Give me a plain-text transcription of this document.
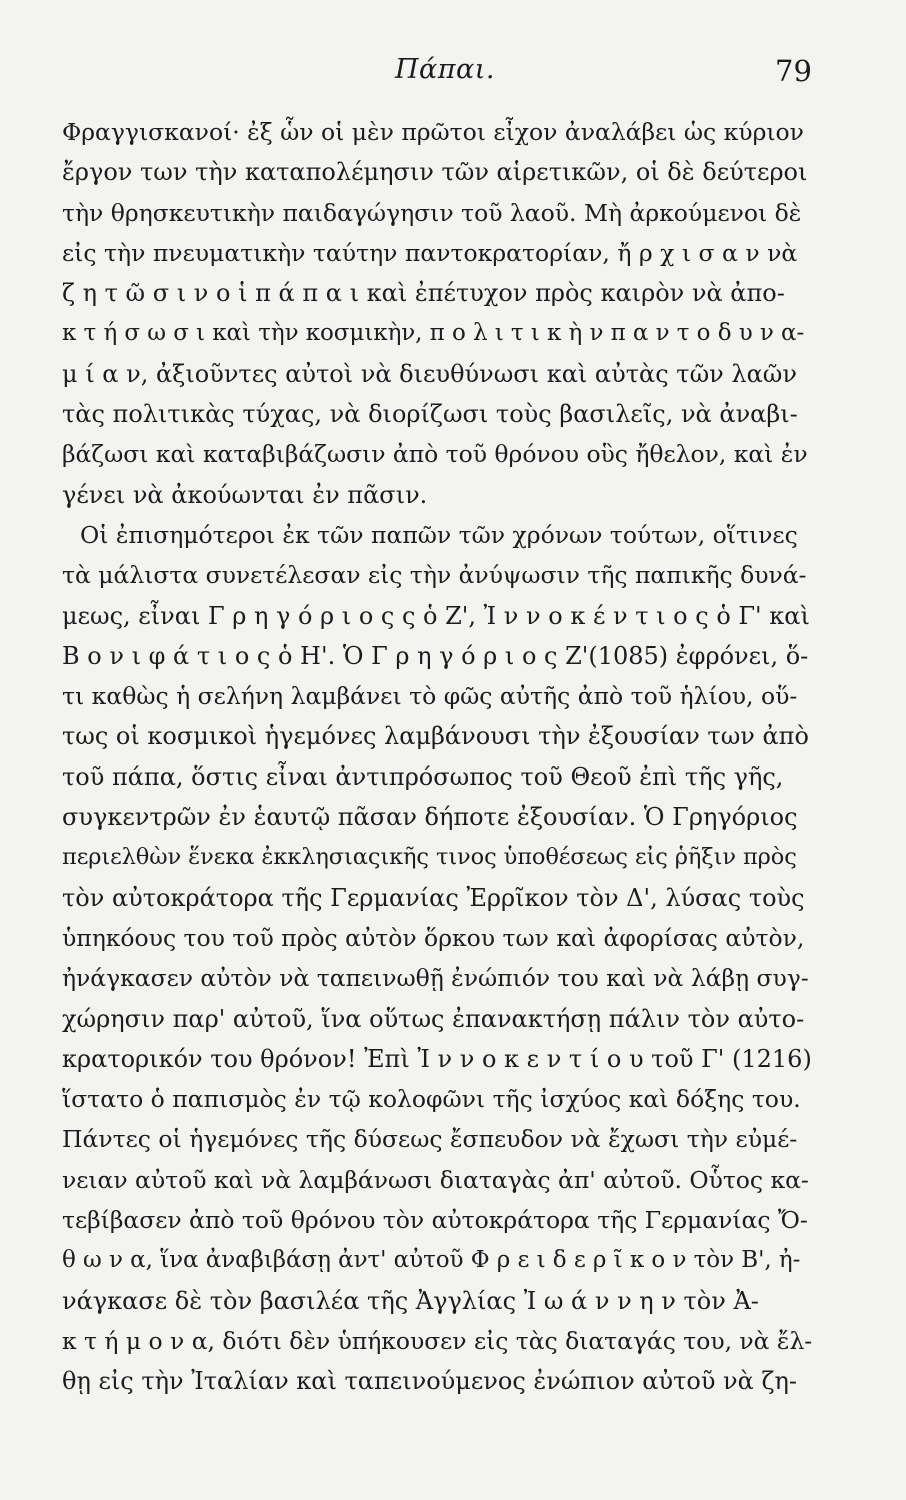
Πάπαι.	79
Φραγγισκανοί· ἐξ ὧν οἱ μὲν πρῶτοι εἶχον ἀναλάβει ὡς κύριον
ἔργον των τὴν καταπολέμησιν τῶν αἱρετικῶν, οἱ δὲ δεύτεροι
τὴν θρησκευτικὴν παιδαγώγησιν τοῦ λαοῦ. Μὴ ἀρκούμενοι δὲ
εἰς τὴν πνευματικὴν ταύτην παντοκρατορίαν, ἤ ρ χ ι σ α ν νὰ
ζ η τ ῶ σ ι ν ο ἱ π ά π α ι καὶ ἐπέτυχον πρὸς καιρὸν νὰ ἀπο-
κ τ ή σ ω σ ι καὶ τὴν κοσμικὴν, π ο λ ι τ ι κ ὴ ν π α ν τ ο δ υ ν α-
μ ί α ν, ἀξιοῦντες αὐτοὶ νὰ διευθύνωσι καὶ αὐτὰς τῶν λαῶν
τὰς πολιτικὰς τύχας, νὰ διορίζωσι τοὺς βασιλεῖς, νὰ ἀναβι-
βάζωσι καὶ καταβιβάζωσιν ἀπὸ τοῦ θρόνου οὓς ἤθελον, καὶ ἐν
γένει νὰ ἀκούωνται ἐν πᾶσιν.
Οἱ ἐπισημότεροι ἐκ τῶν παπῶν τῶν χρόνων τούτων, οἵτινες
τὰ μάλιστα συνετέλεσαν εἰς τὴν ἀνύψωσιν τῆς παπικῆς δυνά-
μεως, εἶναι Γ ρ η γ ό ρ ι ο ς ς ὁ Ζ', Ἰ ν ν ο κ έ ν τ ι ο ς ὁ Γ' καὶ
Β ο ν ι φ ά τ ι ο ς ὁ Η'. Ὁ Γ ρ η γ ό ρ ι ο ς Ζ'(1085) ἐφρόνει, ὅ-
τι καθὼς ἡ σελήνη λαμβάνει τὸ φῶς αὐτῆς ἀπὸ τοῦ ἡλίου, οὕ-
τως οἱ κοσμικοὶ ἡγεμόνες λαμβάνουσι τὴν ἐξουσίαν των ἀπὸ
τοῦ πάπα, ὅστις εἶναι ἀντιπρόσωπος τοῦ Θεοῦ ἐπὶ τῆς γῆς,
συγκεντρῶν ἐν ἑαυτῷ πᾶσαν δήποτε ἐξουσίαν. Ὁ Γρηγόριος
περιελθὼν ἕνεκα ἐκκλησιαςικῆς τινος ὑποθέσεως εἰς ῥῆξιν πρὸς
τὸν αὐτοκράτορα τῆς Γερμανίας Ἐρρῖκον τὸν Δ', λύσας τοὺς
ὑπηκόους του τοῦ πρὸς αὐτὸν ὅρκου των καὶ ἀφορίσας αὐτὸν,
ἠνάγκασεν αὐτὸν νὰ ταπεινωθῇ ἐνώπιόν του καὶ νὰ λάβῃ συγ-
χώρησιν παρ' αὐτοῦ, ἵνα οὕτως ἐπανακτήσῃ πάλιν τὸν αὐτο-
κρατορικόν του θρόνον! Ἐπὶ Ἰ ν ν ο κ ε ν τ ί ο υ τοῦ Γ' (1216)
ἵστατο ὁ παπισμὸς ἐν τῷ κολοφῶνι τῆς ἰσχύος καὶ δόξης του.
Πάντες οἱ ἡγεμόνες τῆς δύσεως ἔσπευδον νὰ ἔχωσι τὴν εὐμέ-
νειαν αὐτοῦ καὶ νὰ λαμβάνωσι διαταγὰς ἀπ' αὐτοῦ. Οὗτος κα-
τεβίβασεν ἀπὸ τοῦ θρόνου τὸν αὐτοκράτορα τῆς Γερμανίας Ὄ-
θ ω ν α, ἵνα ἀναβιβάσῃ ἀντ' αὐτοῦ Φ ρ ε ι δ ε ρ ῖ κ ο ν τὸν Β', ἠ-
νάγκασε δὲ τὸν βασιλέα τῆς Ἀγγλίας Ἰ ω ά ν ν η ν τὸν Ἀ-
κ τ ή μ ο ν α, διότι δὲν ὑπήκουσεν εἰς τὰς διαταγάς του, νὰ ἔλ-
θῃ εἰς τὴν Ἰταλίαν καὶ ταπεινούμενος ἐνώπιον αὐτοῦ νὰ ζη-
